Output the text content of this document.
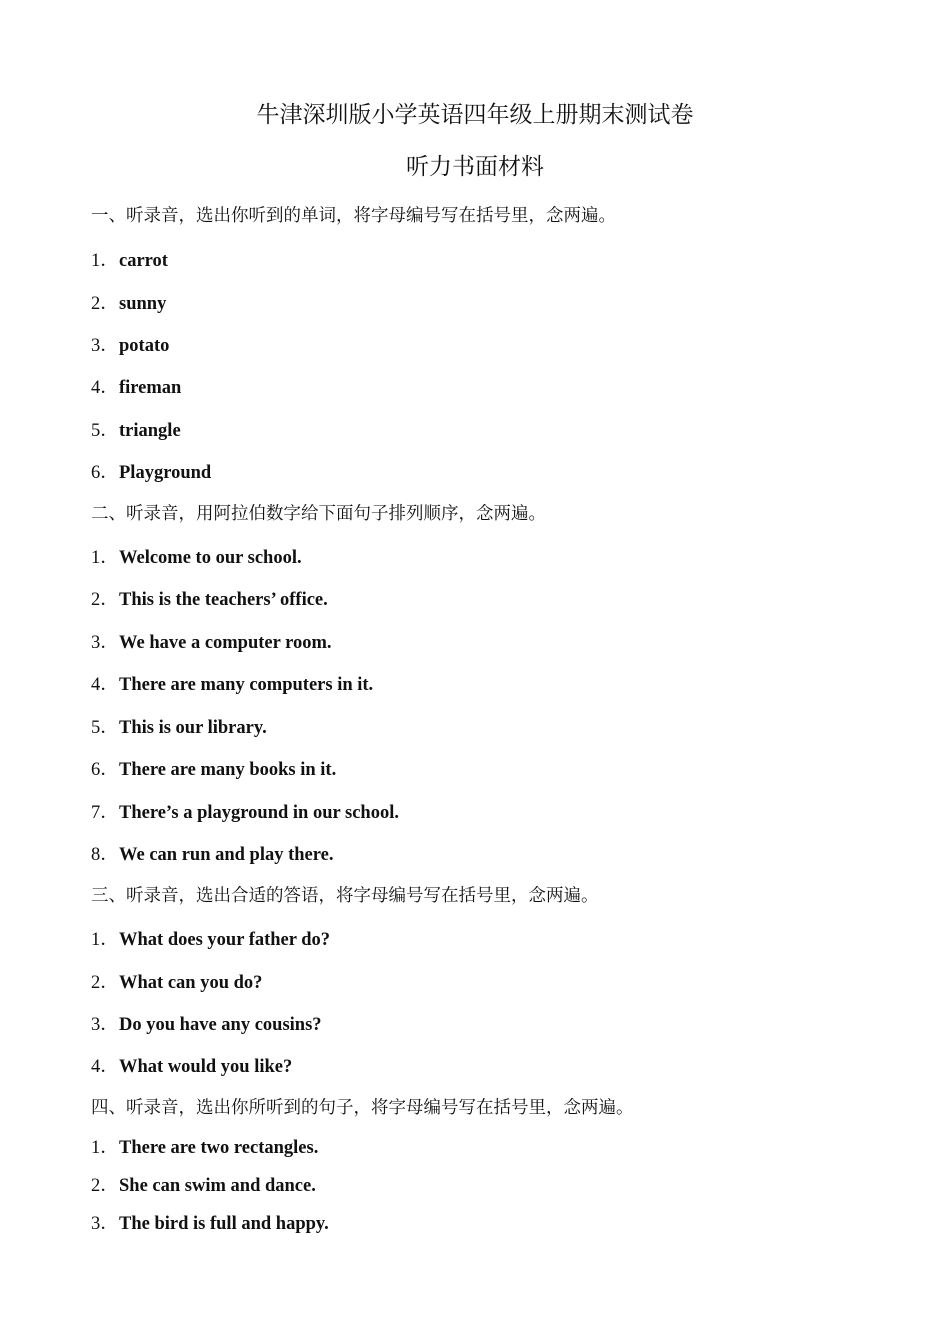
牛津深圳版小学英语四年级上册期末测试卷
听力书面材料
一、听录音，选出你听到的单词，将字母编号写在括号里，念两遍。
1．carrot
2．sunny
3．potato
4．fireman
5．triangle
6．Playground
二、听录音，用阿拉伯数字给下面句子排列顺序，念两遍。
1．Welcome to our school.
2．This is the teachers’ office.
3．We have a computer room.
4．There are many computers in it.
5．This is our library.
6．There are many books in it.
7．There’s a playground in our school.
8．We can run and play there.
三、听录音，选出合适的答语，将字母编号写在括号里，念两遍。
1．What does your father do?
2．What can you do?
3．Do you have any cousins?
4．What would you like?
四、听录音，选出你所听到的句子，将字母编号写在括号里，念两遍。
1．There are two rectangles.
2．She can swim and dance.
3．The bird is full and happy.
